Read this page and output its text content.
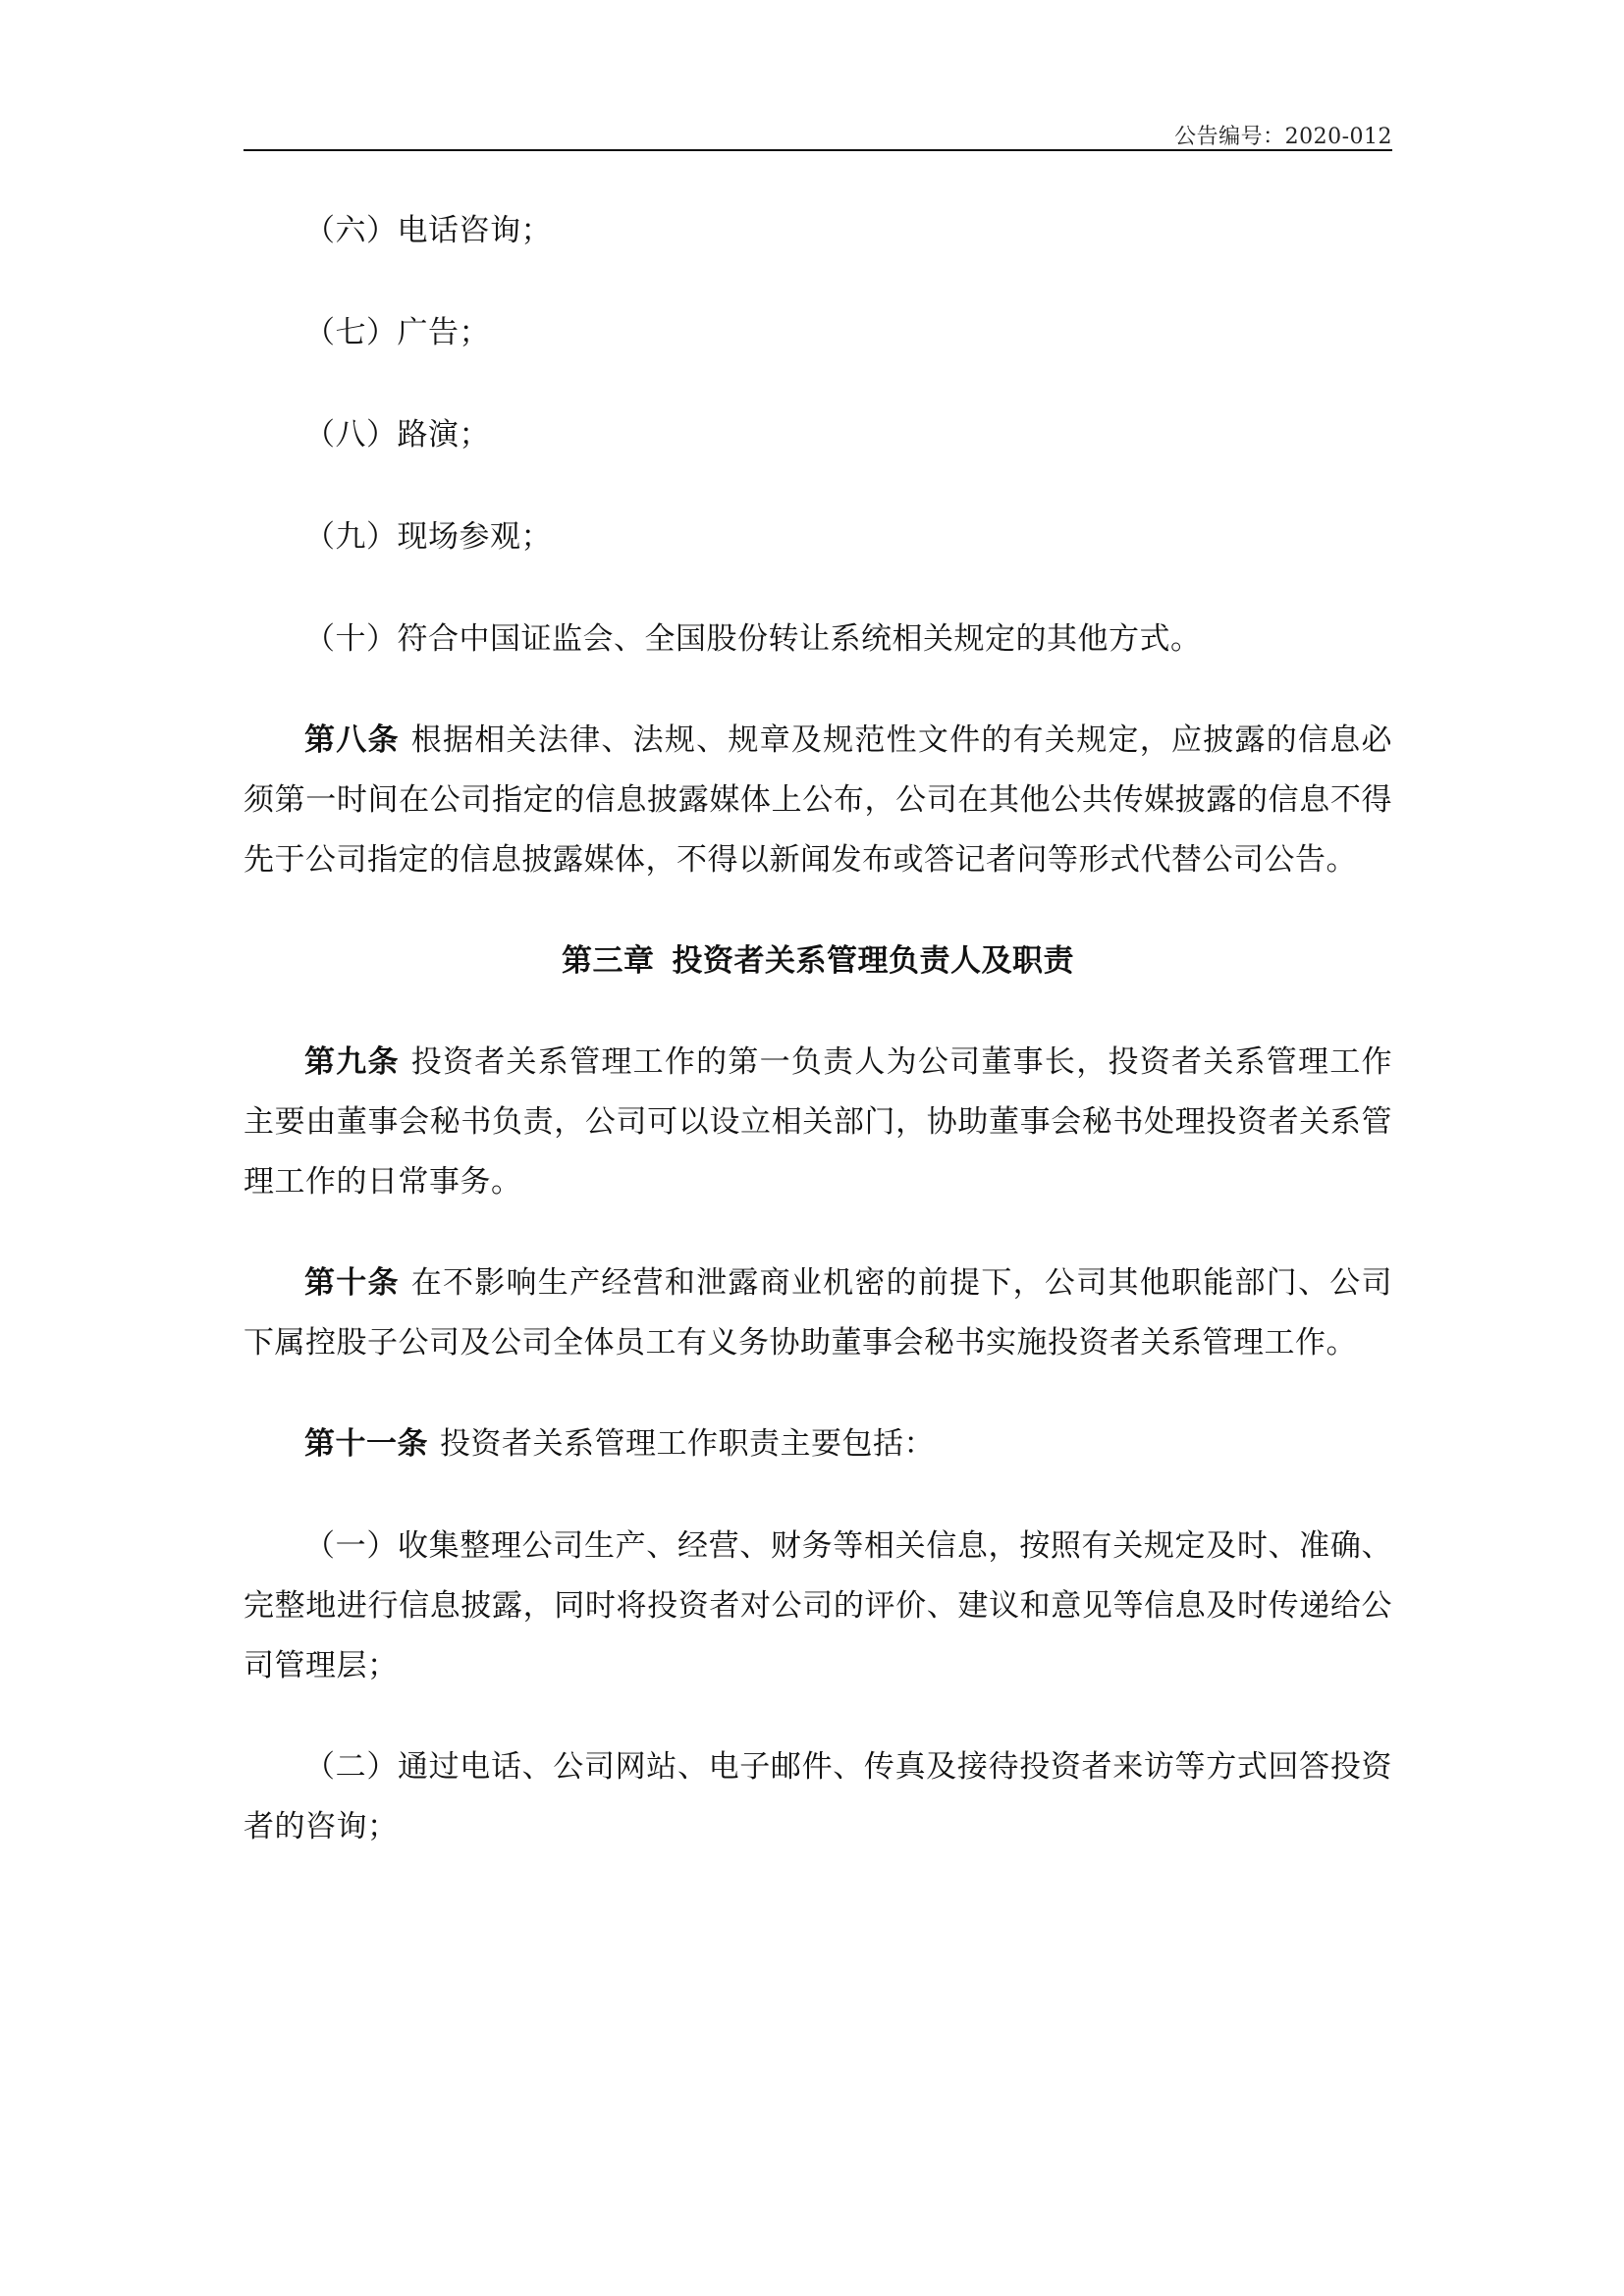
公告编号：2020-012

（六）电话咨询；

（七）广告；

（八）路演；

（九）现场参观；

（十）符合中国证监会、全国股份转让系统相关规定的其他方式。

第八条 根据相关法律、法规、规章及规范性文件的有关规定，应披露的信息必须第一时间在公司指定的信息披露媒体上公布，公司在其他公共传媒披露的信息不得先于公司指定的信息披露媒体，不得以新闻发布或答记者问等形式代替公司公告。

第三章 投资者关系管理负责人及职责

第九条 投资者关系管理工作的第一负责人为公司董事长，投资者关系管理工作主要由董事会秘书负责，公司可以设立相关部门，协助董事会秘书处理投资者关系管理工作的日常事务。

第十条 在不影响生产经营和泄露商业机密的前提下，公司其他职能部门、公司下属控股子公司及公司全体员工有义务协助董事会秘书实施投资者关系管理工作。

第十一条 投资者关系管理工作职责主要包括：

（一）收集整理公司生产、经营、财务等相关信息，按照有关规定及时、准确、完整地进行信息披露，同时将投资者对公司的评价、建议和意见等信息及时传递给公司管理层；

（二）通过电话、公司网站、电子邮件、传真及接待投资者来访等方式回答投资者的咨询；
